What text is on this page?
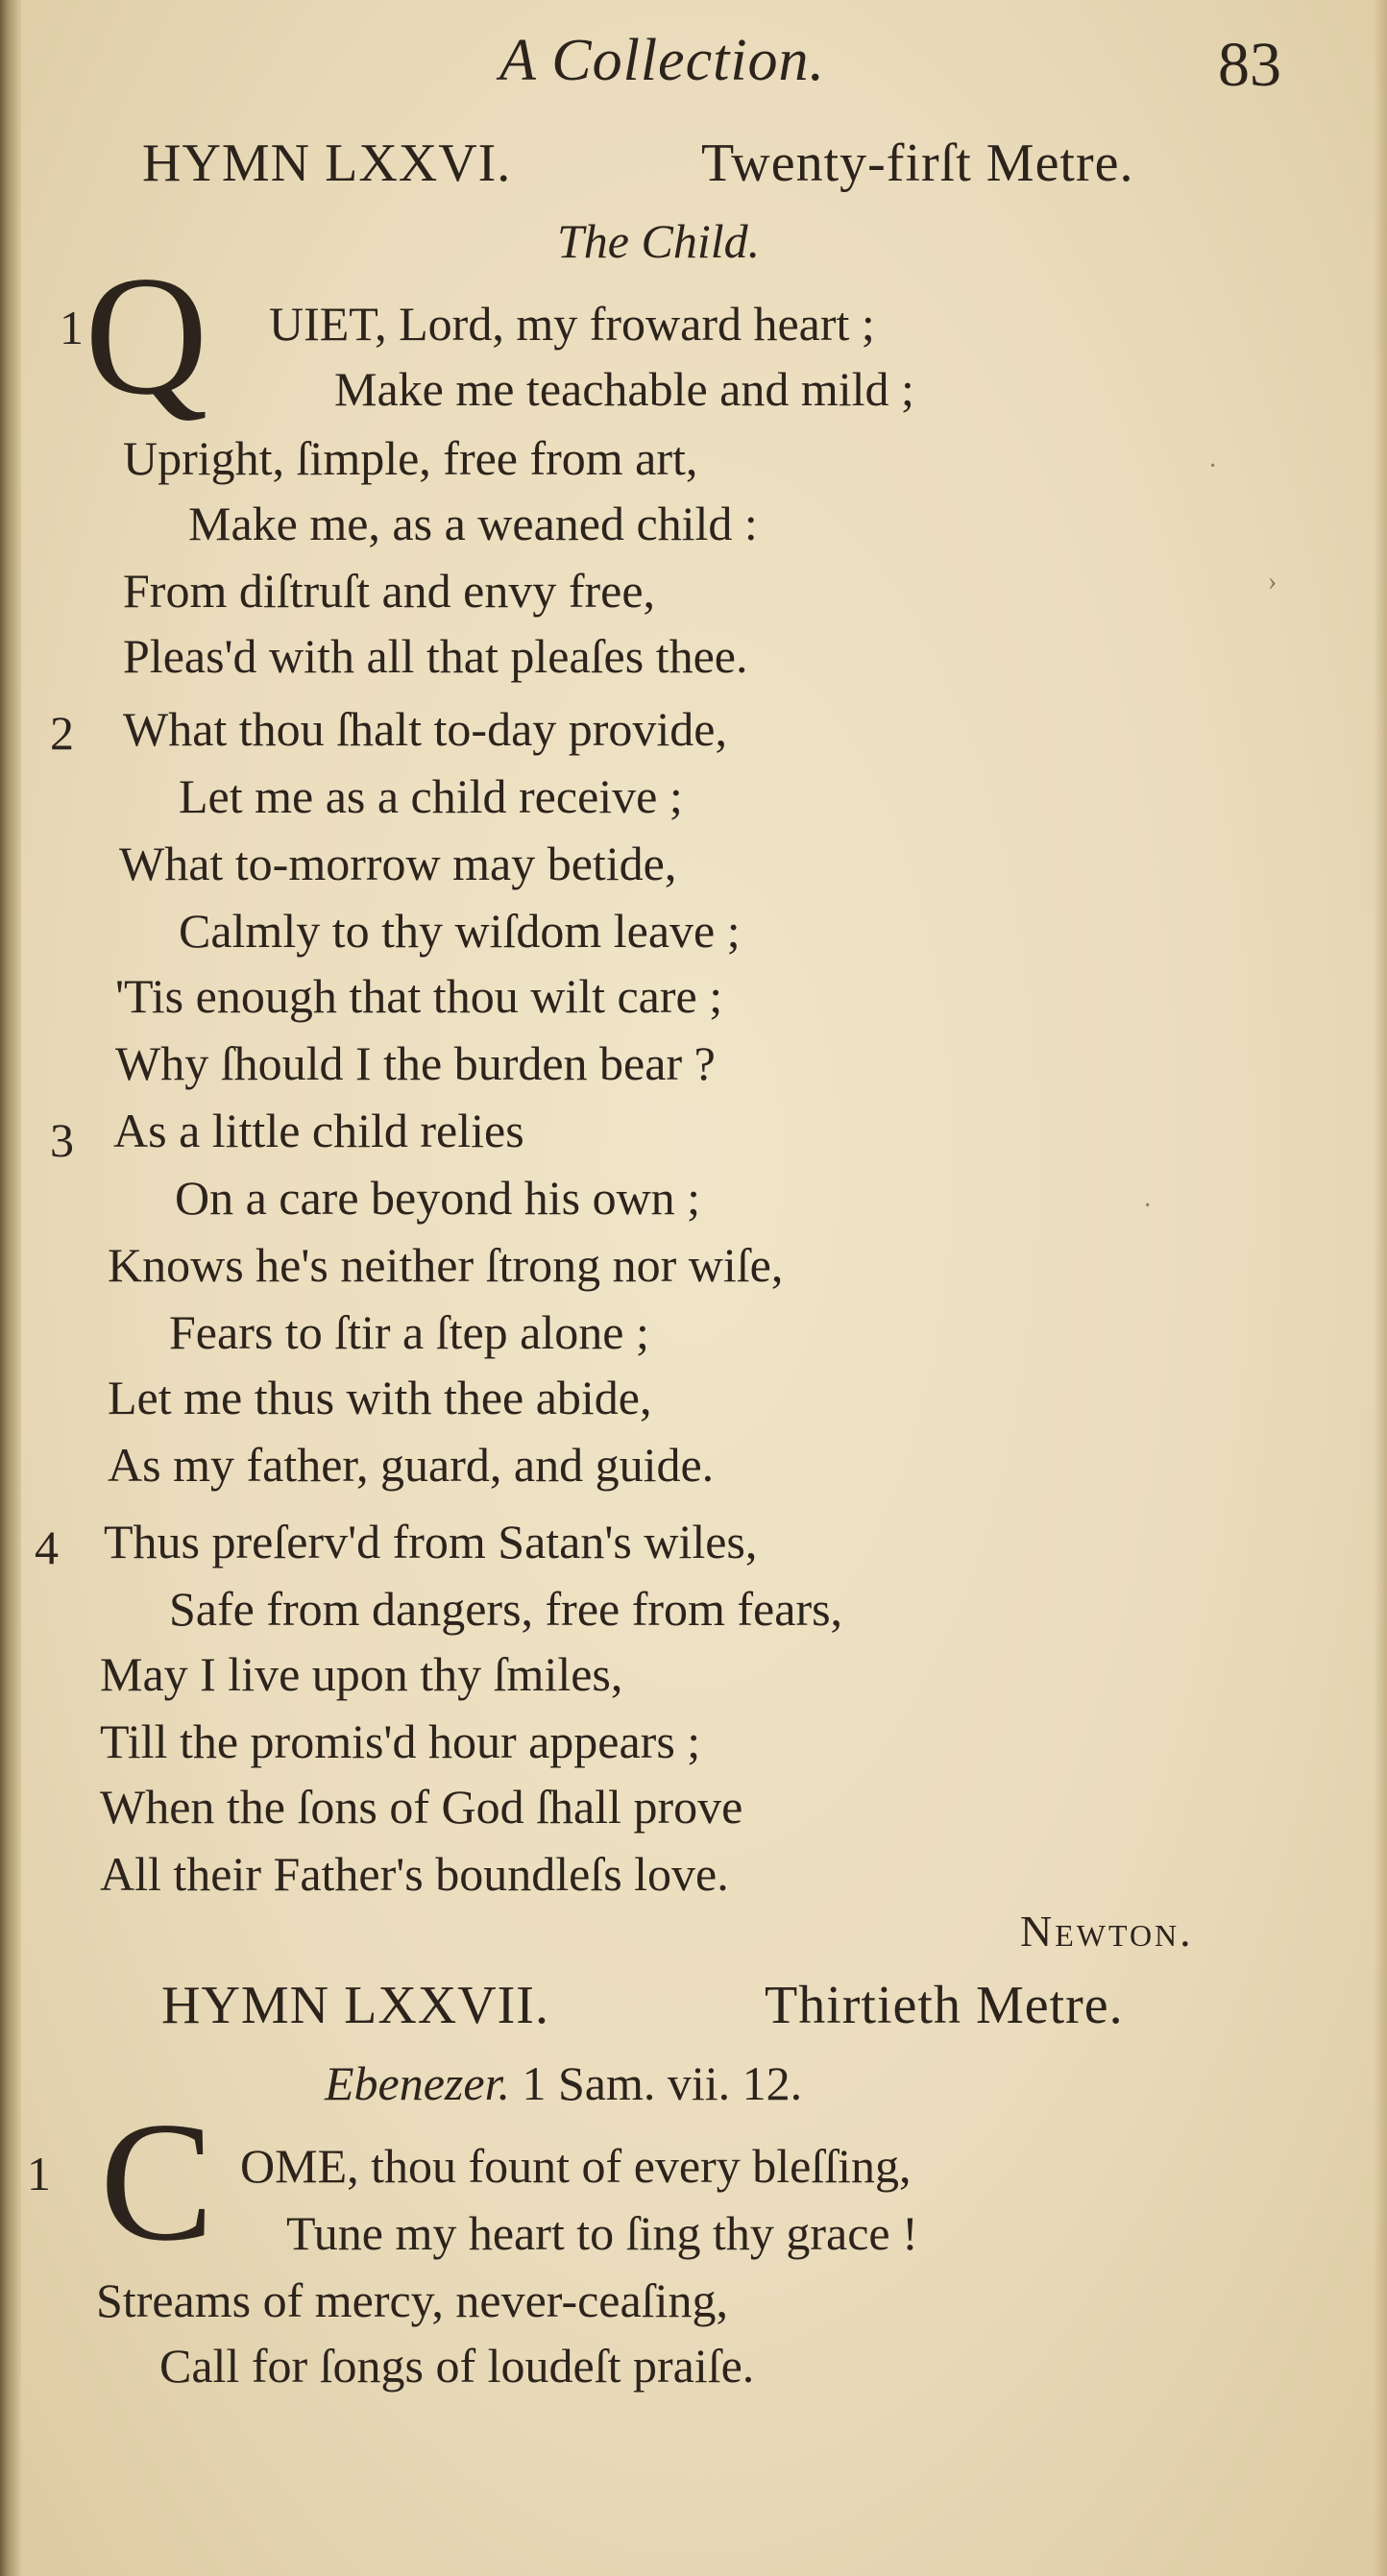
·
›
·
A Collection.	83
HYMN LXXVI.	Twenty-firſt Metre.
The Child.
1 Q UIET, Lord, my froward heart ;
Make me teachable and mild ;
Upright, ſimple, free from art,
Make me, as a weaned child :
From diſtruſt and envy free,
Pleas'd with all that pleaſes thee.
2 What thou ſhalt to-day provide,
Let me as a child receive ;
What to-morrow may betide,
Calmly to thy wiſdom leave ;
'Tis enough that thou wilt care ;
Why ſhould I the burden bear ?
3 As a little child relies
On a care beyond his own ;
Knows he's neither ſtrong nor wiſe,
Fears to ſtir a ſtep alone ;
Let me thus with thee abide,
As my father, guard, and guide.
4 Thus preſerv'd from Satan's wiles,
Safe from dangers, free from fears,
May I live upon thy ſmiles,
Till the promis'd hour appears ;
When the ſons of God ſhall prove
All their Father's boundleſs love.
Newton.
HYMN LXXVII.	Thirtieth Metre.
Ebenezer. 1 Sam. vii. 12.
1 C OME, thou fount of every bleſſing,
Tune my heart to ſing thy grace !
Streams of mercy, never-ceaſing,
Call for ſongs of loudeſt praiſe.
